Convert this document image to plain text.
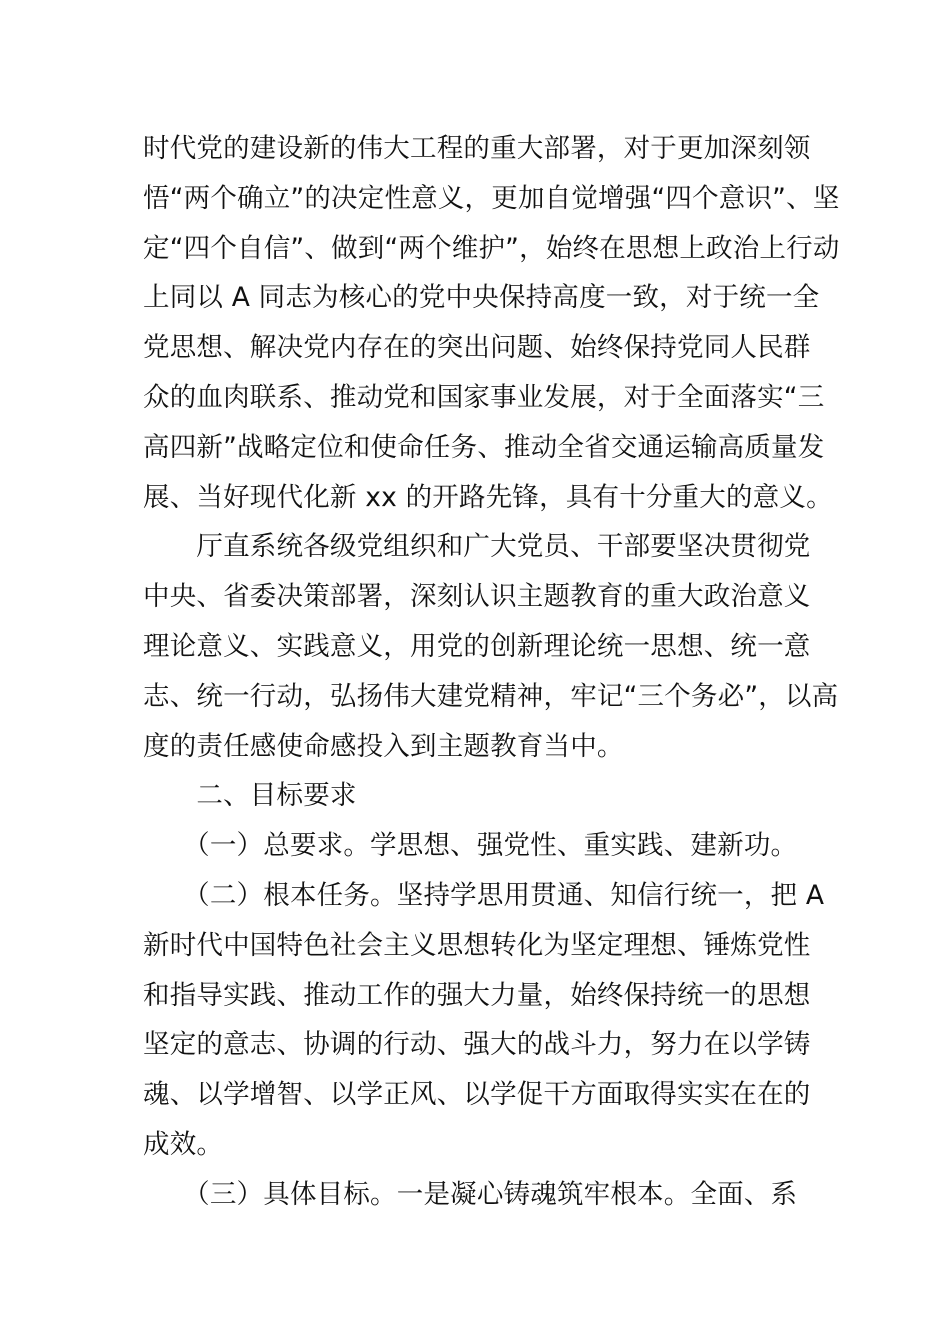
时代党的建设新的伟大工程的重大部署，对于更加深刻领
悟“两个确立”的决定性意义，更加自觉增强“四个意识”、坚
定“四个自信”、做到“两个维护”，始终在思想上政治上行动
上同以 A 同志为核心的党中央保持高度一致，对于统一全
党思想、解决党内存在的突出问题、始终保持党同人民群
众的血肉联系、推动党和国家事业发展，对于全面落实“三
高四新”战略定位和使命任务、推动全省交通运输高质量发
展、当好现代化新 xx 的开路先锋，具有十分重大的意义。
　　厅直系统各级党组织和广大党员、干部要坚决贯彻党
中央、省委决策部署，深刻认识主题教育的重大政治意义
理论意义、实践意义，用党的创新理论统一思想、统一意
志、统一行动，弘扬伟大建党精神，牢记“三个务必”，以高
度的责任感使命感投入到主题教育当中。
　　二、目标要求
　　（一）总要求。学思想、强党性、重实践、建新功。
　　（二）根本任务。坚持学思用贯通、知信行统一，把 A
新时代中国特色社会主义思想转化为坚定理想、锤炼党性
和指导实践、推动工作的强大力量，始终保持统一的思想
坚定的意志、协调的行动、强大的战斗力，努力在以学铸
魂、以学增智、以学正风、以学促干方面取得实实在在的
成效。
　　（三）具体目标。一是凝心铸魂筑牢根本。全面、系
